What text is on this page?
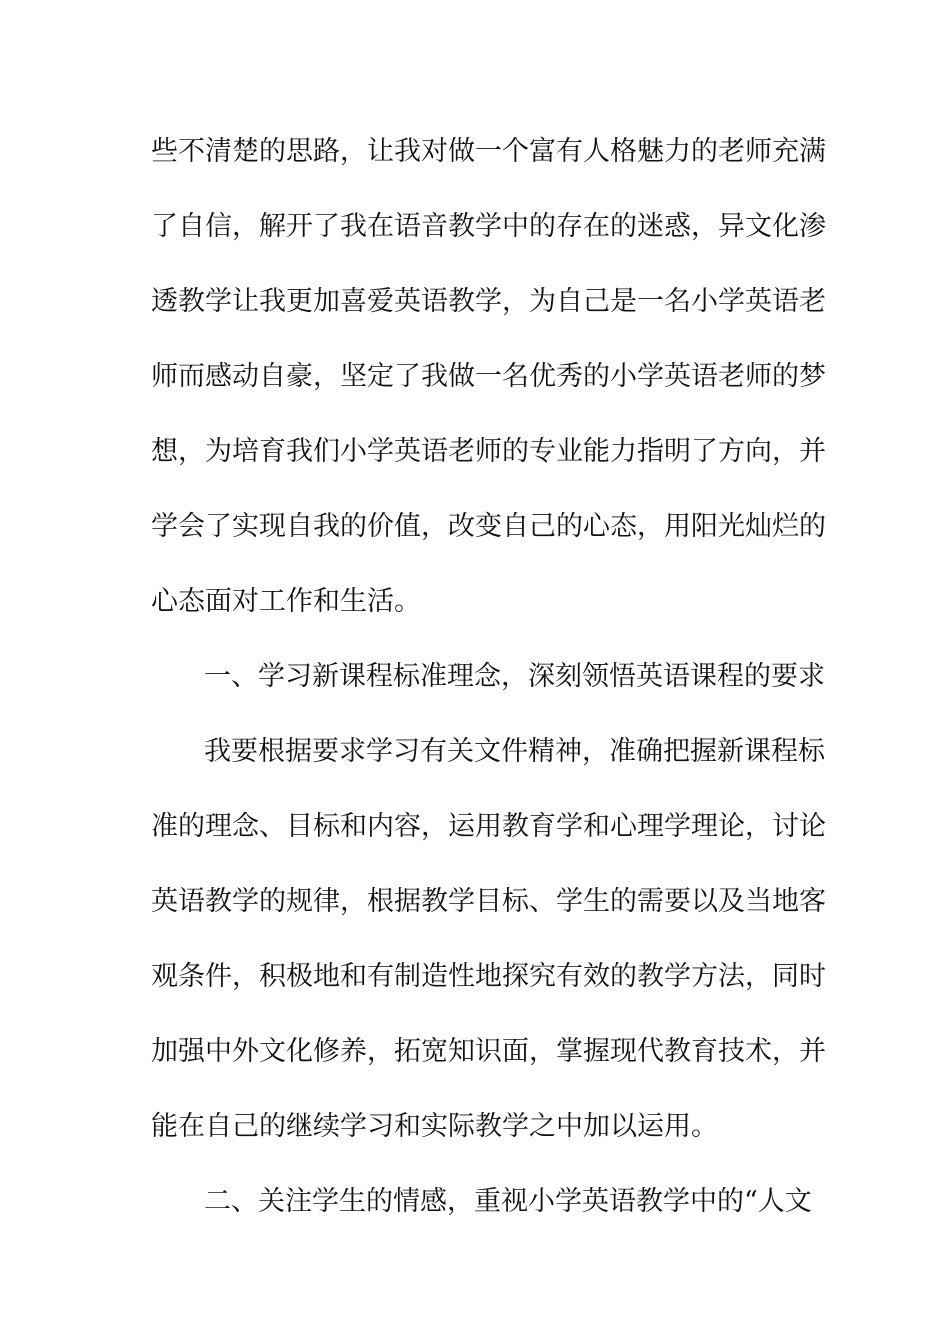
些不清楚的思路，让我对做一个富有人格魅力的老师充满
了自信，解开了我在语音教学中的存在的迷惑，异文化渗
透教学让我更加喜爱英语教学，为自己是一名小学英语老
师而感动自豪，坚定了我做一名优秀的小学英语老师的梦
想，为培育我们小学英语老师的专业能力指明了方向，并
学会了实现自我的价值，改变自己的心态，用阳光灿烂的
心态面对工作和生活。
一、学习新课程标准理念，深刻领悟英语课程的要求
我要根据要求学习有关文件精神，准确把握新课程标
准的理念、目标和内容，运用教育学和心理学理论，讨论
英语教学的规律，根据教学目标、学生的需要以及当地客
观条件，积极地和有制造性地探究有效的教学方法，同时
加强中外文化修养，拓宽知识面，掌握现代教育技术，并
能在自己的继续学习和实际教学之中加以运用。
二、关注学生的情感，重视小学英语教学中的“人文
